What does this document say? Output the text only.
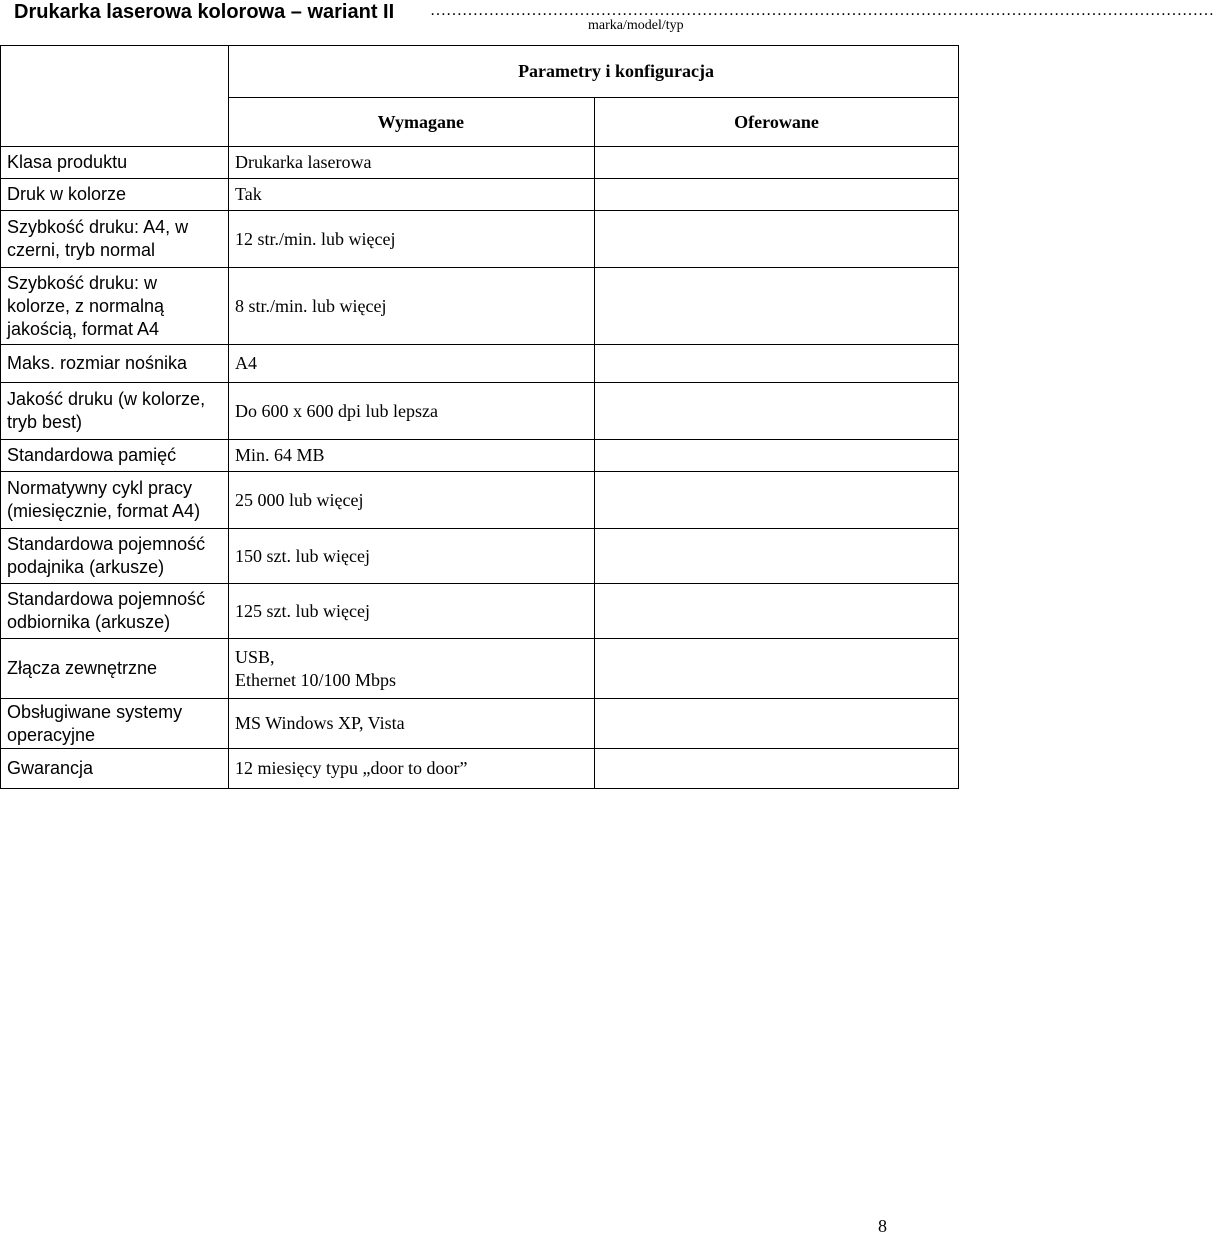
Drukarka laserowa kolorowa – wariant II …………………………………………………………………………………………………………………………………
marka/model/typ
	Parametry i konfiguracja	
	Wymagane	Oferowane
Klasa produktu	Drukarka laserowa	
Druk w kolorze	Tak	
Szybkość druku: A4, w czerni, tryb normal	12 str./min. lub więcej	
Szybkość druku: w kolorze, z normalną jakością, format A4	8 str./min. lub więcej	
Maks. rozmiar nośnika	A4	
Jakość druku (w kolorze, tryb best)	Do 600 x 600 dpi lub lepsza	
Standardowa pamięć	Min. 64 MB	
Normatywny cykl pracy (miesięcznie, format A4)	25 000 lub więcej	
Standardowa pojemność podajnika (arkusze)	150 szt. lub więcej	
Standardowa pojemność odbiornika (arkusze)	125 szt. lub więcej	
Złącza zewnętrzne	USB,
Ethernet 10/100 Mbps	

Obsługiwane systemy operacyjne	MS Windows XP, Vista	
Gwarancja	12 miesięcy typu „door to door”	
8
